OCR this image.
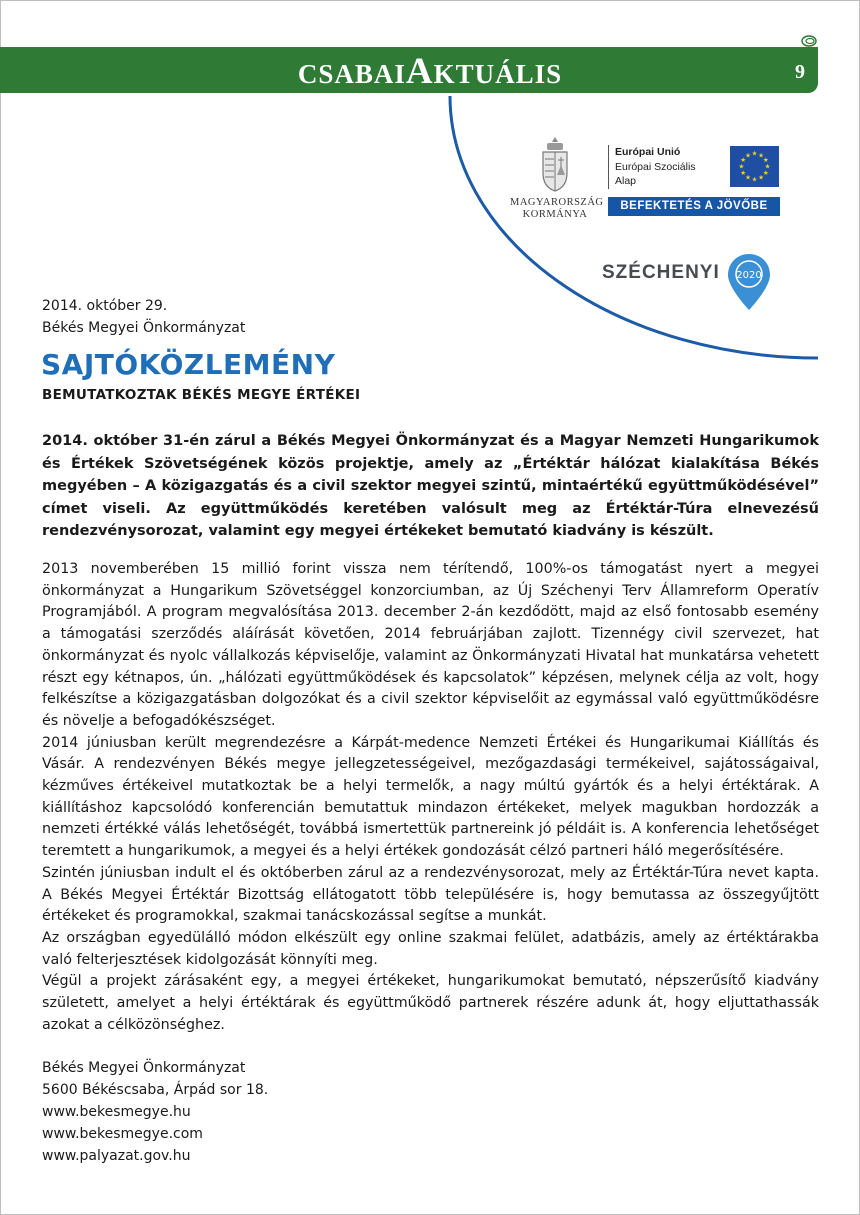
CSABAIAKTUÁLIS	9
MAGYARORSZÁG
KORMÁNYA
Európai Unió
Európai Szociális
Alap
★ ★
★
★
★
★
★
★
★
★
★
★
BEFEKTETÉS A JÖVŐBE
SZÉCHENYI 2020
2014. október 29.
Békés Megyei Önkormányzat
SAJTÓKÖZLEMÉNY
BEMUTATKOZTAK BÉKÉS MEGYE ÉRTÉKEI
2014. október 31-én zárul a Békés Megyei Önkormányzat és a Magyar Nemzeti Hungarikumok és Értékek Szövetségének közös projektje, amely az „Értéktár hálózat kialakítása Békés megyében – A közigazgatás és a civil szektor megyei szintű, mintaértékű együttműködésével” címet viseli. Az együttműködés keretében valósult meg az Értéktár-Túra elnevezésű rendezvénysorozat, valamint egy megyei értékeket bemutató kiadvány is készült.

2013 novemberében 15 millió forint vissza nem térítendő, 100%-os támogatást nyert a megyei önkormányzat a Hungarikum Szövetséggel konzorciumban, az Új Széchenyi Terv Államreform Operatív Programjából. A program megvalósítása 2013. december 2-án kezdődött, majd az első fontosabb esemény a támogatási szerződés aláírását követően, 2014 februárjában zajlott. Tizennégy civil szervezet, hat önkormányzat és nyolc vállalkozás képviselője, valamint az Önkormányzati Hivatal hat munkatársa vehetett részt egy kétnapos, ún. „hálózati együttműködések és kapcsolatok” képzésen, melynek célja az volt, hogy felkészítse a közigazgatásban dolgozókat és a civil szektor képviselőit az egymással való együttműködésre és növelje a befogadókészséget.

2014 júniusban került megrendezésre a Kárpát-medence Nemzeti Értékei és Hungarikumai Kiállítás és Vásár. A rendezvényen Békés megye jellegzetességeivel, mezőgazdasági termékeivel, sajátosságaival, kézműves értékeivel mutatkoztak be a helyi termelők, a nagy múltú gyártók és a helyi értéktárak. A kiállításhoz kapcsolódó konferencián bemutattuk mindazon értékeket, melyek magukban hordozzák a nemzeti értékké válás lehetőségét, továbbá ismertettük partnereink jó példáit is. A konferencia lehetőséget teremtett a hungarikumok, a megyei és a helyi értékek gondozását célzó partneri háló megerősítésére.

Szintén júniusban indult el és októberben zárul az a rendezvénysorozat, mely az Értéktár-Túra nevet kapta. A Békés Megyei Értéktár Bizottság ellátogatott több településére is, hogy bemutassa az összegyűjtött értékeket és programokkal, szakmai tanácskozással segítse a munkát.

Az országban egyedülálló módon elkészült egy online szakmai felület, adatbázis, amely az értéktárakba való felterjesztések kidolgozását könnyíti meg.

Végül a projekt zárásaként egy, a megyei értékeket, hungarikumokat bemutató, népszerűsítő kiadvány született, amelyet a helyi értéktárak és együttműködő partnerek részére adunk át, hogy eljuttathassák azokat a célközönséghez.

Békés Megyei Önkormányzat
5600 Békéscsaba, Árpád sor 18.
www.bekesmegye.hu
www.bekesmegye.com
www.palyazat.gov.hu
